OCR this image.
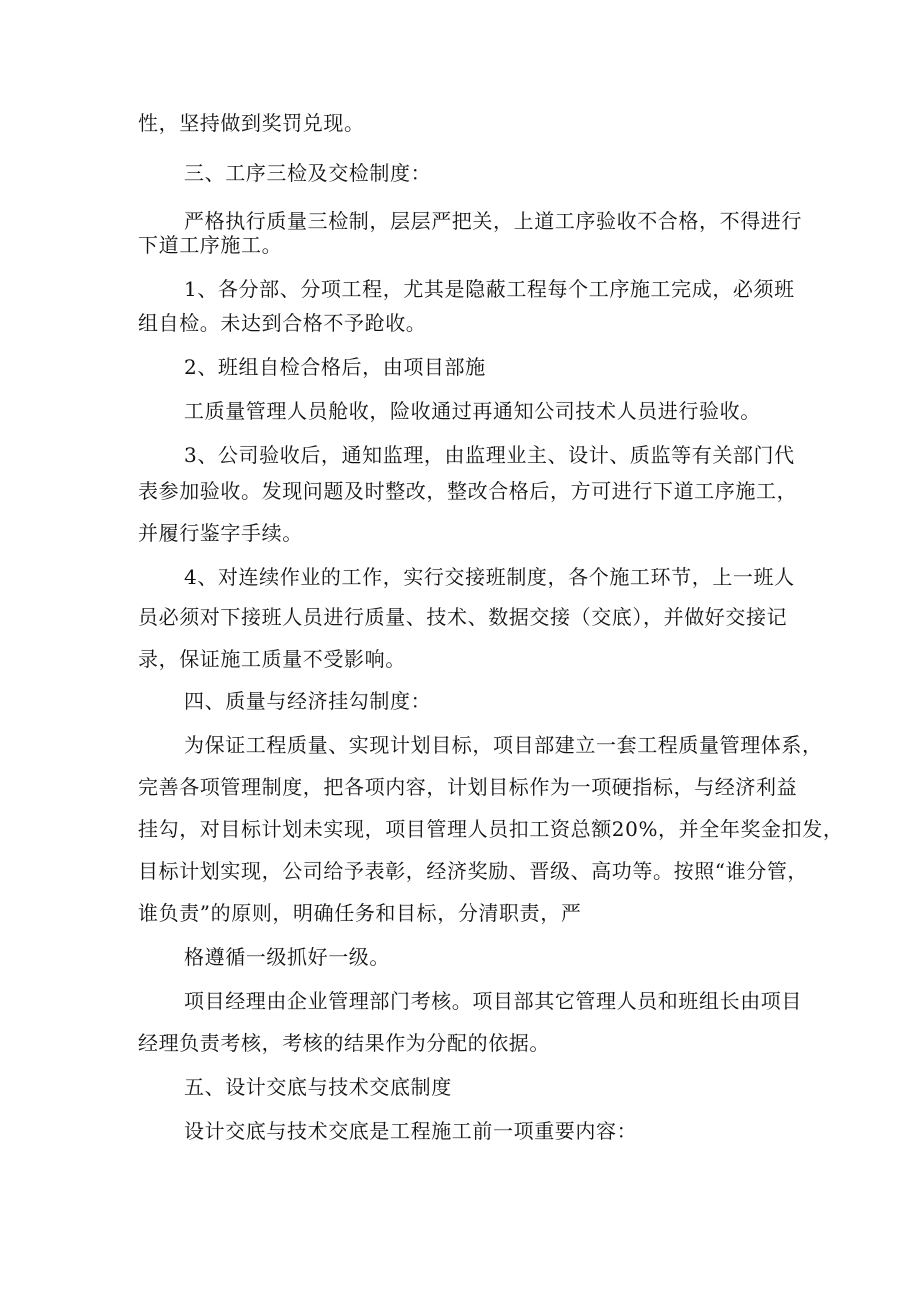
性，坚持做到奖罚兑现。
三、工序三检及交检制度：
严格执行质量三检制，层层严把关，上道工序验收不合格，不得进行
下道工序施工。
1、各分部、分项工程，尤其是隐蔽工程每个工序施工完成，必须班
组自检。未达到合格不予跄收。
2、班组自检合格后，由项目部施
工质量管理人员舱收，险收通过再通知公司技术人员进行验收。
3、公司验收后，通知监理，由监理业主、设计、质监等有关部门代
表参加验收。发现问题及时整改，整改合格后，方可进行下道工序施工，
并履行鉴字手续。
4、对连续作业的工作，实行交接班制度，各个施工环节，上一班人
员必须对下接班人员进行质量、技术、数据交接（交底），并做好交接记
录，保证施工质量不受影响。
四、质量与经济挂勾制度：
为保证工程质量、实现计划目标，项目部建立一套工程质量管理体系，
完善各项管理制度，把各项内容，计划目标作为一项硬指标，与经济利益
挂勾，对目标计划未实现，项目管理人员扣工资总额20%，并全年奖金扣发，
目标计划实现，公司给予表彰，经济奖励、晋级、高功等。按照“谁分管，
谁负责”的原则，明确任务和目标，分清职责，严
格遵循一级抓好一级。
项目经理由企业管理部门考核。项目部其它管理人员和班组长由项目
经理负责考核，考核的结果作为分配的依据。
五、设计交底与技术交底制度
设计交底与技术交底是工程施工前一项重要内容：
